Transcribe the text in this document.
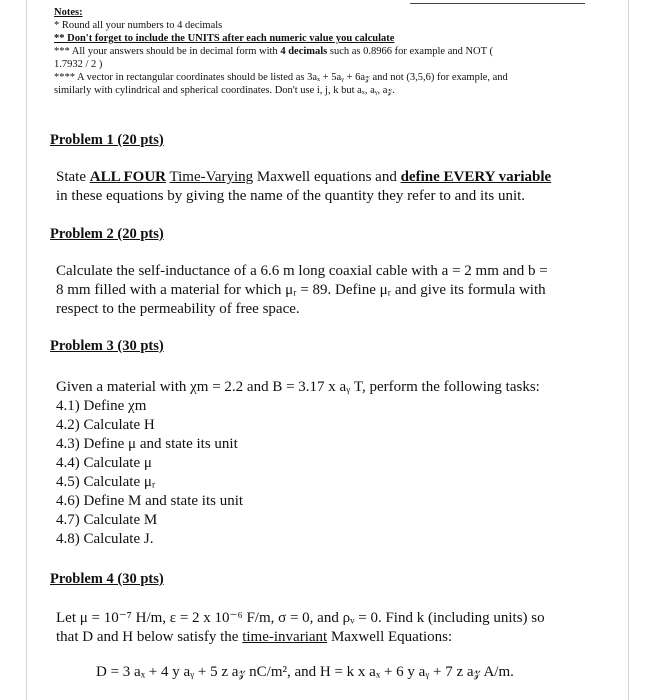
Notes:
* Round all your numbers to 4 decimals
** Don't forget to include the UNITS after each numeric value you calculate
*** All your answers should be in decimal form with 4 decimals such as 0.8966 for example and NOT (
1.7932 / 2 )
**** A vector in rectangular coordinates should be listed as 3aₓ + 5aᵧ + 6a𝓏 and not (3,5,6) for example, and
similarly with cylindrical and spherical coordinates. Don't use i, j, k but aₓ, aᵧ, a𝓏.
Problem 1 (20 pts)
State ALL FOUR Time-Varying Maxwell equations and define EVERY variable
in these equations by giving the name of the quantity they refer to and its unit.
Problem 2 (20 pts)
Calculate the self-inductance of a 6.6 m long coaxial cable with a = 2 mm and b =
8 mm filled with a material for which μᵣ = 89. Define μᵣ and give its formula with
respect to the permeability of free space.
Problem 3 (30 pts)
Given a material with χm = 2.2 and B = 3.17 x aᵧ T, perform the following tasks:
4.1) Define χm
4.2) Calculate H
4.3) Define μ and state its unit
4.4) Calculate μ
4.5) Calculate μᵣ
4.6) Define M and state its unit
4.7) Calculate M
4.8) Calculate J.
Problem 4 (30 pts)
Let μ = 10⁻⁷ H/m, ε = 2 x 10⁻⁶ F/m, σ = 0, and ρᵥ = 0. Find k (including units) so
that D and H below satisfy the time-invariant Maxwell Equations:
D = 3 aₓ + 4 y aᵧ + 5 z a𝓏 nC/m², and H = k x aₓ + 6 y aᵧ + 7 z a𝓏 A/m.
